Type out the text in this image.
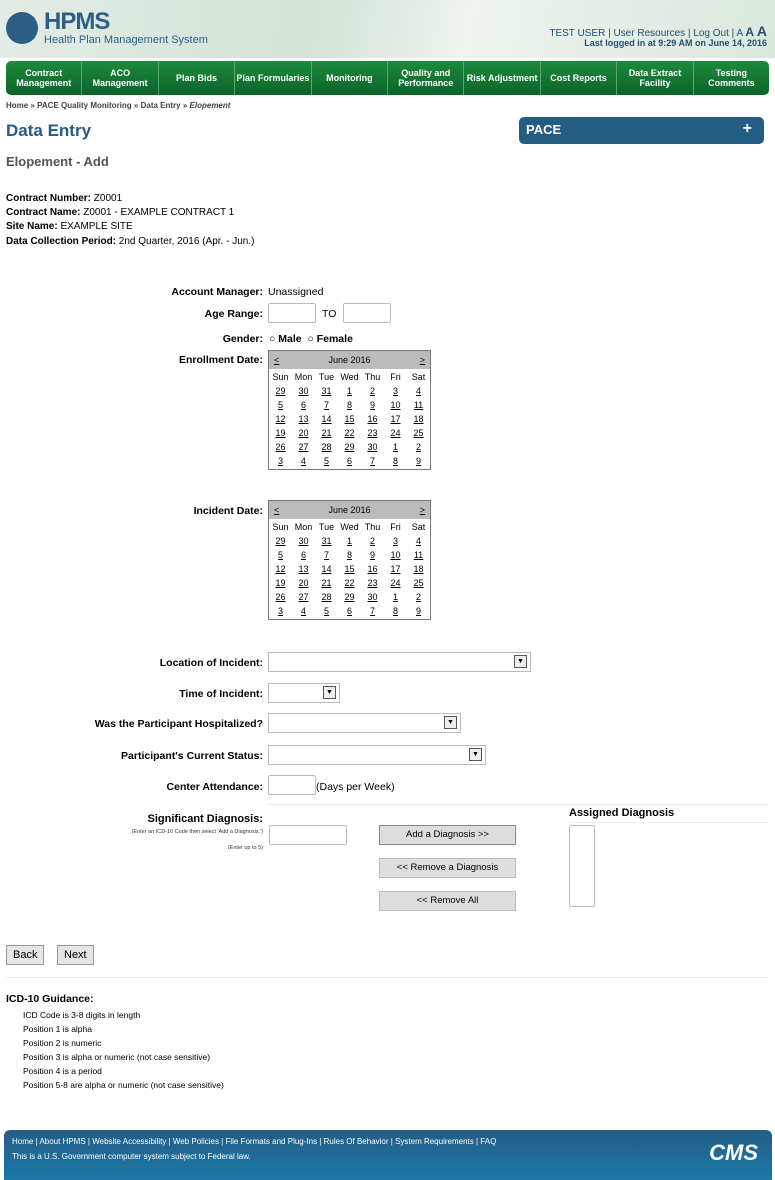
HPMS
Health Plan Management System
TEST USER | User Resources | Log Out | A A A
Last logged in at 9:29 AM on June 14, 2016
Contract Management
ACO Management	Plan Bids	Plan Formularies	Monitoring	Quality and Performance	Risk Adjustment	Cost Reports	Data Extract Facility
Testing Comments
Home » PACE Quality Monitoring » Data Entry » Elopement
Data Entry	PACE	+
Elopement - Add
Contract Number: Z0001
Contract Name: Z0001 - EXAMPLE CONTRACT 1
Site Name: EXAMPLE SITE
Data Collection Period: 2nd Quarter, 2016 (Apr. - Jun.)
Account Manager: Unassigned
Age Range:	TO
Gender: ○ Male ○ Female
Enrollment Date: <	June 2016	>
Sun Mon Tue Wed Thu	Fri	Sat
29	30	31	1	2	3	4
5	6	7	8	9	10	11
12	13	14	15	16	17	18
19	20	21	22	23	24	25
26	27	28	29	30	1	2
3	4	5	6	7	8	9
Incident Date: <	June 2016	>
Sun Mon Tue Wed Thu	Fri	Sat
29	30	31	1	2	3	4
5	6	7	8	9	10	11
12	13	14	15	16	17	18
19	20	21	22	23	24	25
26	27	28	29	30	1	2
3	4	5	6	7	8	9
Location of Incident:	▼
Time of Incident:	▼
Was the Participant Hospitalized?	▼
Participant's Current Status:	▼
Center Attendance:	(Days per Week)
Significant Diagnosis:
(Enter an ICD-10 Code then select 'Add a Diagnosis.')
(Enter up to 5)
Add a Diagnosis >>
<< Remove a Diagnosis
<< Remove All
Assigned Diagnosis
Back	Next
ICD-10 Guidance:
ICD Code is 3-8 digits in length
Position 1 is alpha
Position 2 is numeric
Position 3 is alpha or numeric (not case sensitive)
Position 4 is a period
Position 5-8 are alpha or numeric (not case sensitive)
Home | About HPMS | Website Accessibility | Web Policies | File Formats and Plug-Ins | Rules Of Behavior | System Requirements | FAQ
This is a U.S. Government computer system subject to Federal law.	CMS
